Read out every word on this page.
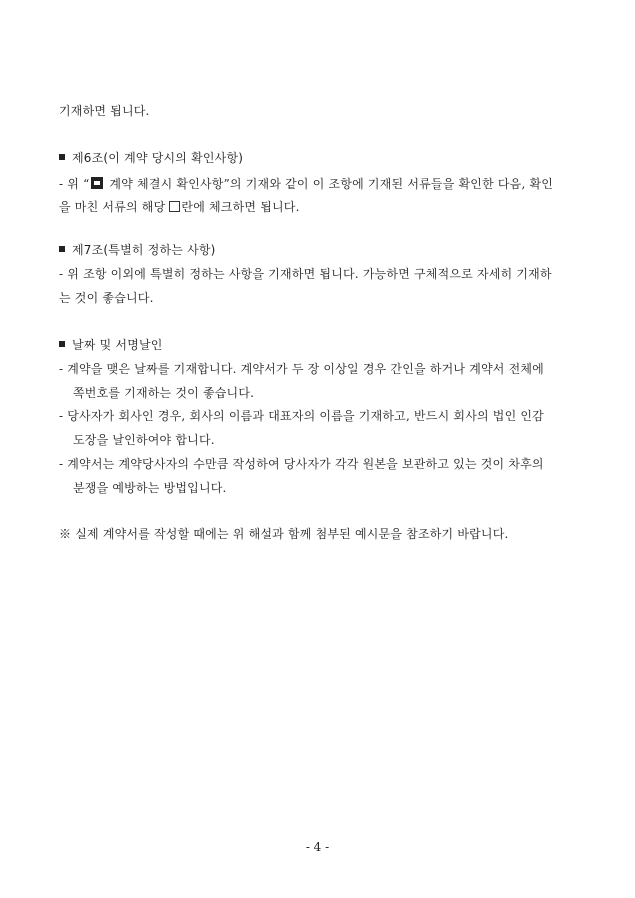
기재하면 됩니다.
제6조(이 계약 당시의 확인사항)
- 위 “ 계약 체결시 확인사항”의 기재와 같이 이 조항에 기재된 서류들을 확인한 다음, 확인
을 마친 서류의 해당 란에 체크하면 됩니다.
제7조(특별히 정하는 사항)
- 위 조항 이외에 특별히 정하는 사항을 기재하면 됩니다. 가능하면 구체적으로 자세히 기재하
는 것이 좋습니다.
날짜 및 서명날인
- 계약을 맺은 날짜를 기재합니다. 계약서가 두 장 이상일 경우 간인을 하거나 계약서 전체에
쪽번호를 기재하는 것이 좋습니다.
- 당사자가 회사인 경우, 회사의 이름과 대표자의 이름을 기재하고, 반드시 회사의 법인 인감
도장을 날인하여야 합니다.
- 계약서는 계약당사자의 수만큼 작성하여 당사자가 각각 원본을 보관하고 있는 것이 차후의
분쟁을 예방하는 방법입니다.
※ 실제 계약서를 작성할 때에는 위 해설과 함께 첨부된 예시문을 참조하기 바랍니다.
- 4 -
